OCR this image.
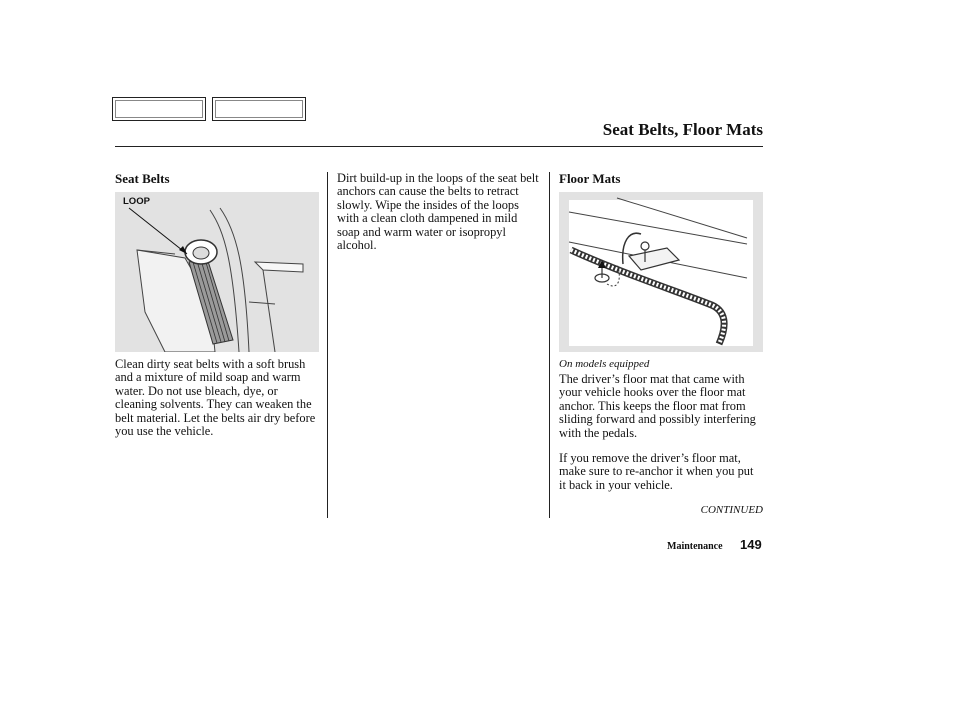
Seat Belts, Floor Mats
Seat Belts
LOOP

Clean dirty seat belts with a soft brush and a mixture of mild soap and warm water. Do not use bleach, dye, or cleaning solvents. They can weaken the belt material. Let the belts air dry before you use the vehicle.

Dirt build-up in the loops of the seat belt anchors can cause the belts to retract slowly. Wipe the insides of the loops with a clean cloth dampened in mild soap and warm water or isopropyl alcohol.

Floor Mats
On models equipped

The driver’s floor mat that came with your vehicle hooks over the floor mat anchor. This keeps the floor mat from sliding forward and possibly interfering with the pedals.

If you remove the driver’s floor mat, make sure to re-anchor it when you put it back in your vehicle.

CONTINUED
Maintenance 149
